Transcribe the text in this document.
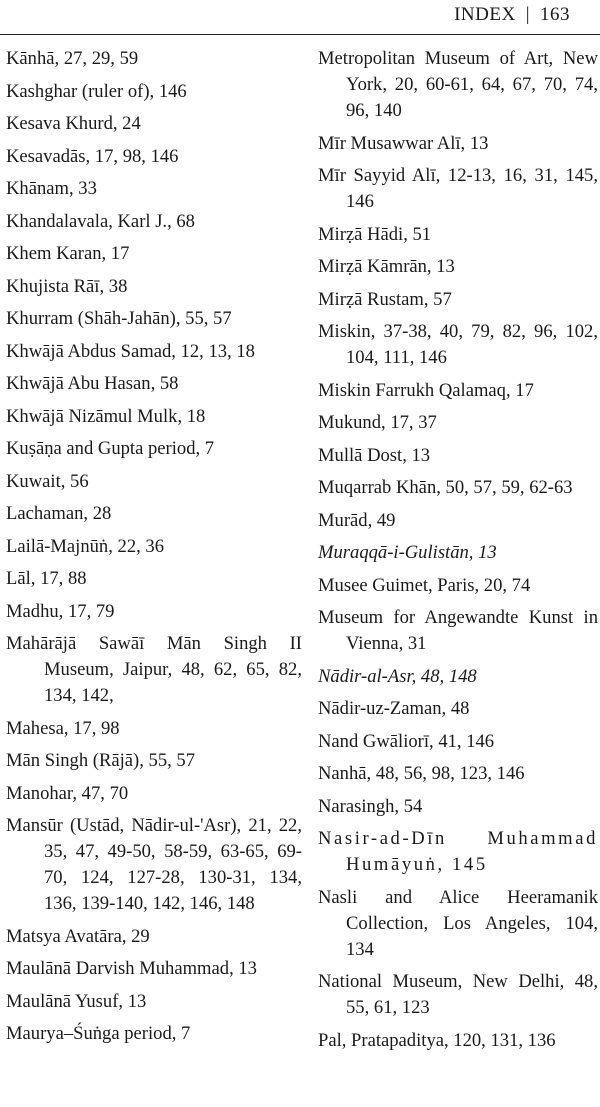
INDEX | 163
Kānhā, 27, 29, 59
Kashghar (ruler of), 146
Kesava Khurd, 24
Kesavadās, 17, 98, 146
Khānam, 33
Khandalavala, Karl J., 68
Khem Karan, 17
Khujista Rāī, 38
Khurram (Shāh-Jahān), 55, 57
Khwājā Abdus Samad, 12, 13, 18
Khwājā Abu Hasan, 58
Khwājā Nizāmul Mulk, 18
Kuṣāṇa and Gupta period, 7
Kuwait, 56
Lachaman, 28
Lailā-Majnūṅ, 22, 36
Lāl, 17, 88
Madhu, 17, 79
Mahārājā Sawāī Mān Singh II Museum, Jaipur, 48, 62, 65, 82, 134, 142,
Mahesa, 17, 98
Mān Singh (Rājā), 55, 57
Manohar, 47, 70
Mansūr (Ustād, Nādir-ul-'Asr), 21, 22, 35, 47, 49-50, 58-59, 63-65, 69-70, 124, 127-28, 130-31, 134, 136, 139-140, 142, 146, 148
Matsya Avatāra, 29
Maulānā Darvish Muhammad, 13
Maulānā Yusuf, 13
Maurya–Śuṅga period, 7
Metropolitan Museum of Art, New York, 20, 60-61, 64, 67, 70, 74, 96, 140
Mīr Musawwar Alī, 13
Mīr Sayyid Alī, 12-13, 16, 31, 145, 146
Mirẓā Hādi, 51
Mirẓā Kāmrān, 13
Mirẓā Rustam, 57
Miskin, 37-38, 40, 79, 82, 96, 102, 104, 111, 146
Miskin Farrukh Qalamaq, 17
Mukund, 17, 37
Mullā Dost, 13
Muqarrab Khān, 50, 57, 59, 62-63
Murād, 49
Muraqqā-i-Gulistān, 13
Musee Guimet, Paris, 20, 74
Museum for Angewandte Kunst in Vienna, 31
Nādir-al-Asr, 48, 148
Nādir-uz-Zaman, 48
Nand Gwāliorī, 41, 146
Nanhā, 48, 56, 98, 123, 146
Narasingh, 54
Nasir-ad-Dīn Muhammad Humāyuṅ, 145
Nasli and Alice Heeramanik Collection, Los Angeles, 104, 134
National Museum, New Delhi, 48, 55, 61, 123
Pal, Pratapaditya, 120, 131, 136
